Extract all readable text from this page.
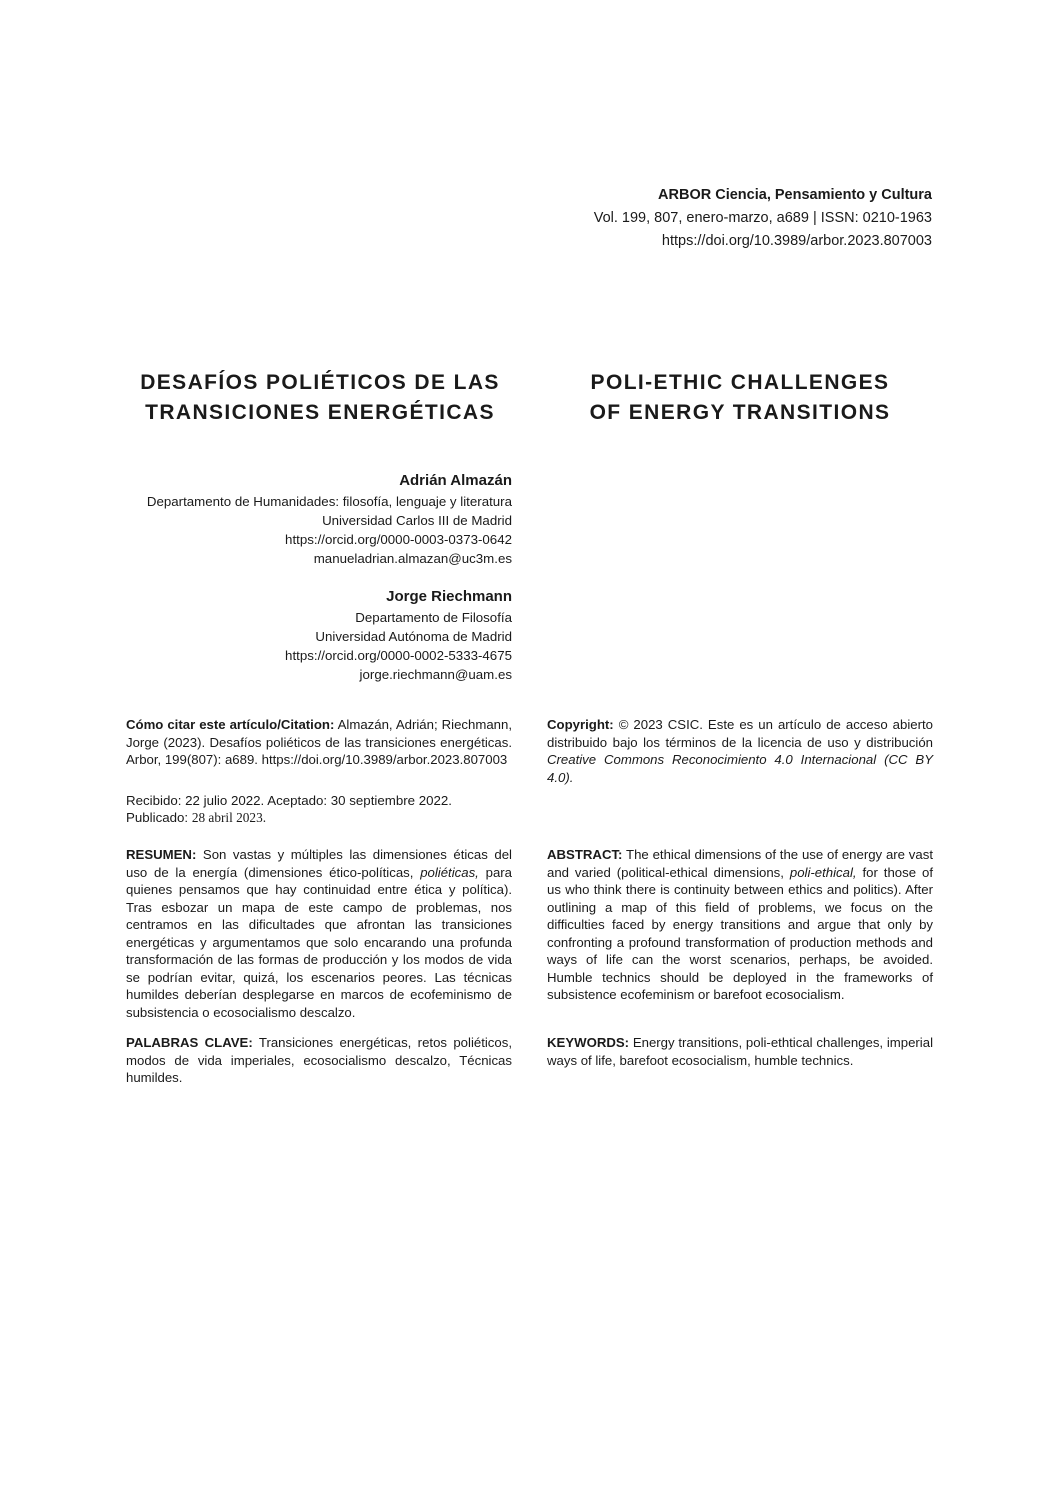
ARBOR Ciencia, Pensamiento y Cultura
Vol. 199, 807, enero-marzo, a689 | ISSN: 0210-1963
https://doi.org/10.3989/arbor.2023.807003
DESAFÍOS POLIÉTICOS DE LAS
TRANSICIONES ENERGÉTICAS
POLI-ETHIC CHALLENGES
OF ENERGY TRANSITIONS
Adrián Almazán
Departamento de Humanidades: filosofía, lenguaje y literatura
Universidad Carlos III de Madrid
https://orcid.org/0000-0003-0373-0642
manueladrian.almazan@uc3m.es
Jorge Riechmann
Departamento de Filosofía
Universidad Autónoma de Madrid
https://orcid.org/0000-0002-5333-4675
jorge.riechmann@uam.es
Cómo citar este artículo/Citation: Almazán, Adrián; Riechmann, Jorge (2023). Desafíos poliéticos de las transiciones energéticas. Arbor, 199(807): a689. https://doi.org/10.3989/arbor.2023.807003
Copyright: © 2023 CSIC. Este es un artículo de acceso abierto distribuido bajo los términos de la licencia de uso y distribución Creative Commons Reconocimiento 4.0 Internacional (CC BY 4.0).
Recibido: 22 julio 2022. Aceptado: 30 septiembre 2022.
Publicado: 28 abril 2023.
RESUMEN: Son vastas y múltiples las dimensiones éticas del uso de la energía (dimensiones ético-políticas, poliéticas, para quienes pensamos que hay continuidad entre ética y política). Tras esbozar un mapa de este campo de problemas, nos centramos en las dificultades que afrontan las transiciones energéticas y argumentamos que solo encarando una profunda transformación de las formas de producción y los modos de vida se podrían evitar, quizá, los escenarios peores. Las técnicas humildes deberían desplegarse en marcos de ecofeminismo de subsistencia o ecosocialismo descalzo.
ABSTRACT: The ethical dimensions of the use of energy are vast and varied (political-ethical dimensions, poli-ethical, for those of us who think there is continuity between ethics and politics). After outlining a map of this field of problems, we focus on the difficulties faced by energy transitions and argue that only by confronting a profound transformation of production methods and ways of life can the worst scenarios, perhaps, be avoided. Humble technics should be deployed in the frameworks of subsistence ecofeminism or barefoot ecosocialism.
PALABRAS CLAVE: Transiciones energéticas, retos poliéticos, modos de vida imperiales, ecosocialismo descalzo, Técnicas humildes.
KEYWORDS: Energy transitions, poli-ethtical challenges, imperial ways of life, barefoot ecosocialism, humble technics.
